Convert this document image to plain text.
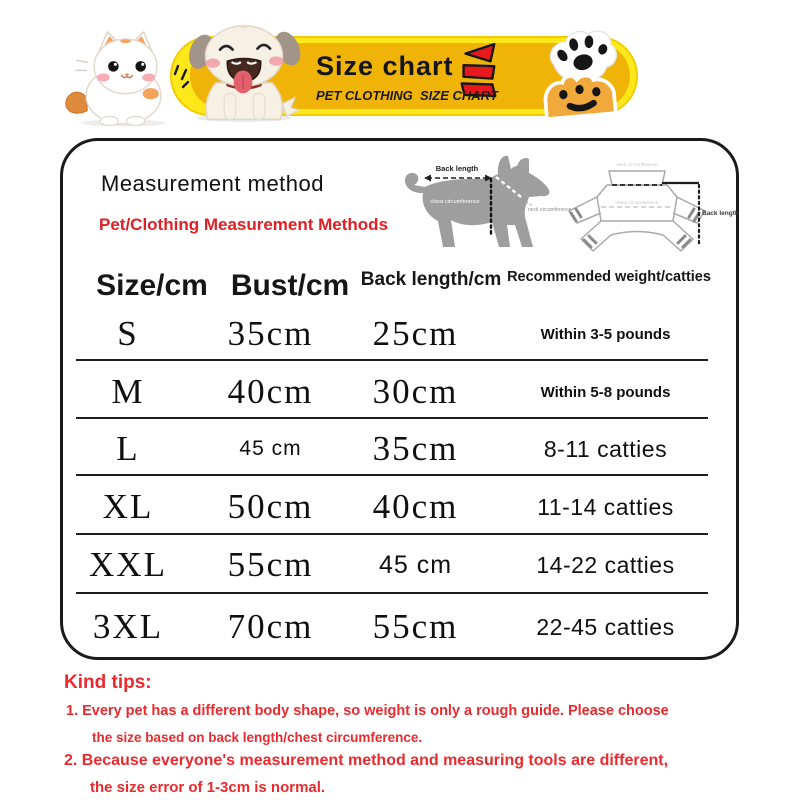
Size chart
PET CLOTHING  SIZE CHART
Measurement method
Pet/Clothing Measurement Methods
Back length
chest circumference
neck circumference
neck circumference
chest circumference
Back length
Size/cm Bust/cm Back length/cm Recommended weight/catties
S	35cm	25cm	Within 3-5 pounds
M	40cm	30cm	Within 5-8 pounds
L	45 cm	35cm	8-11 catties
XL	50cm	40cm	11-14 catties
XXL	55cm	45 cm	14-22 catties
3XL	70cm	55cm	22-45 catties
Kind tips:
1. Every pet has a different body shape, so weight is only a rough guide. Please choose
the size based on back length/chest circumference.
2. Because everyone's measurement method and measuring tools are different,
the size error of 1-3cm is normal.
